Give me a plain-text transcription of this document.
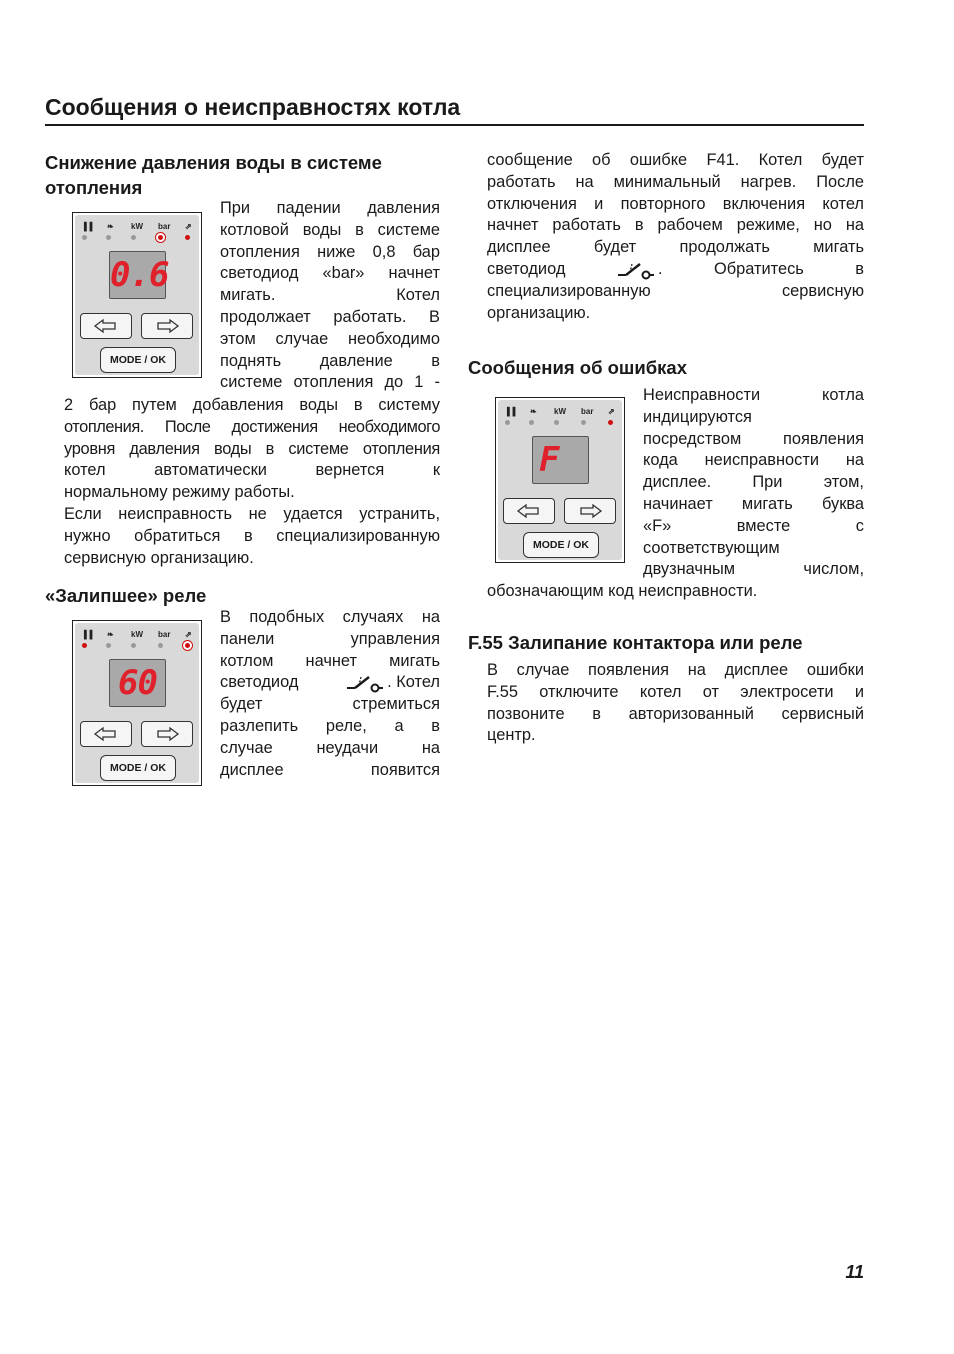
Сообщения о неисправностях котла
Снижение давления воды в системе
отопления
▐▐ ❧ kW bar ⇗
0.6
MODE / OK
При падении давления
котловой воды в системе
отопления ниже 0,8 бар
светодиод «bar» начнет
мигать. Котел
продолжает работать. В
этом случае необходимо
поднять давление в
системе отопления до 1 -
2 бар путем добавления воды в систему
отопления. После достижения необходимого
уровня давления воды в системе отопления
котел автоматически вернется к
нормальному режиму работы.
Если неисправность не удается устранить,
нужно обратиться в специализированную
сервисную организацию.
«Залипшее» реле
▐▐ ❧ kW bar ⇗
60
MODE / OK
В подобных случаях на
панели управления
котлом начнет мигать
светодиод	. Котел
будет стремиться
разлепить реле, а в
случае неудачи на
дисплее появится
сообщение об ошибке F41. Котел будет
работать на минимальный нагрев. После
отключения и повторного включения котел
начнет работать в рабочем режиме, но на
дисплее будет продолжать мигать
светодиод	. Обратитесь в
специализированную сервисную
организацию.
Сообщения об ошибках
▐▐ ❧ kW bar ⇗
F
MODE / OK
Неисправности котла
индицируются
посредством появления
кода неисправности на
дисплее. При этом,
начинает мигать буква
«F» вместе с
соответствующим
двузначным числом,
обозначающим код неисправности.
F.55 Залипание контактора или реле
В случае появления на дисплее ошибки
F.55 отключите котел от электросети и
позвоните в авторизованный сервисный
центр.
11
